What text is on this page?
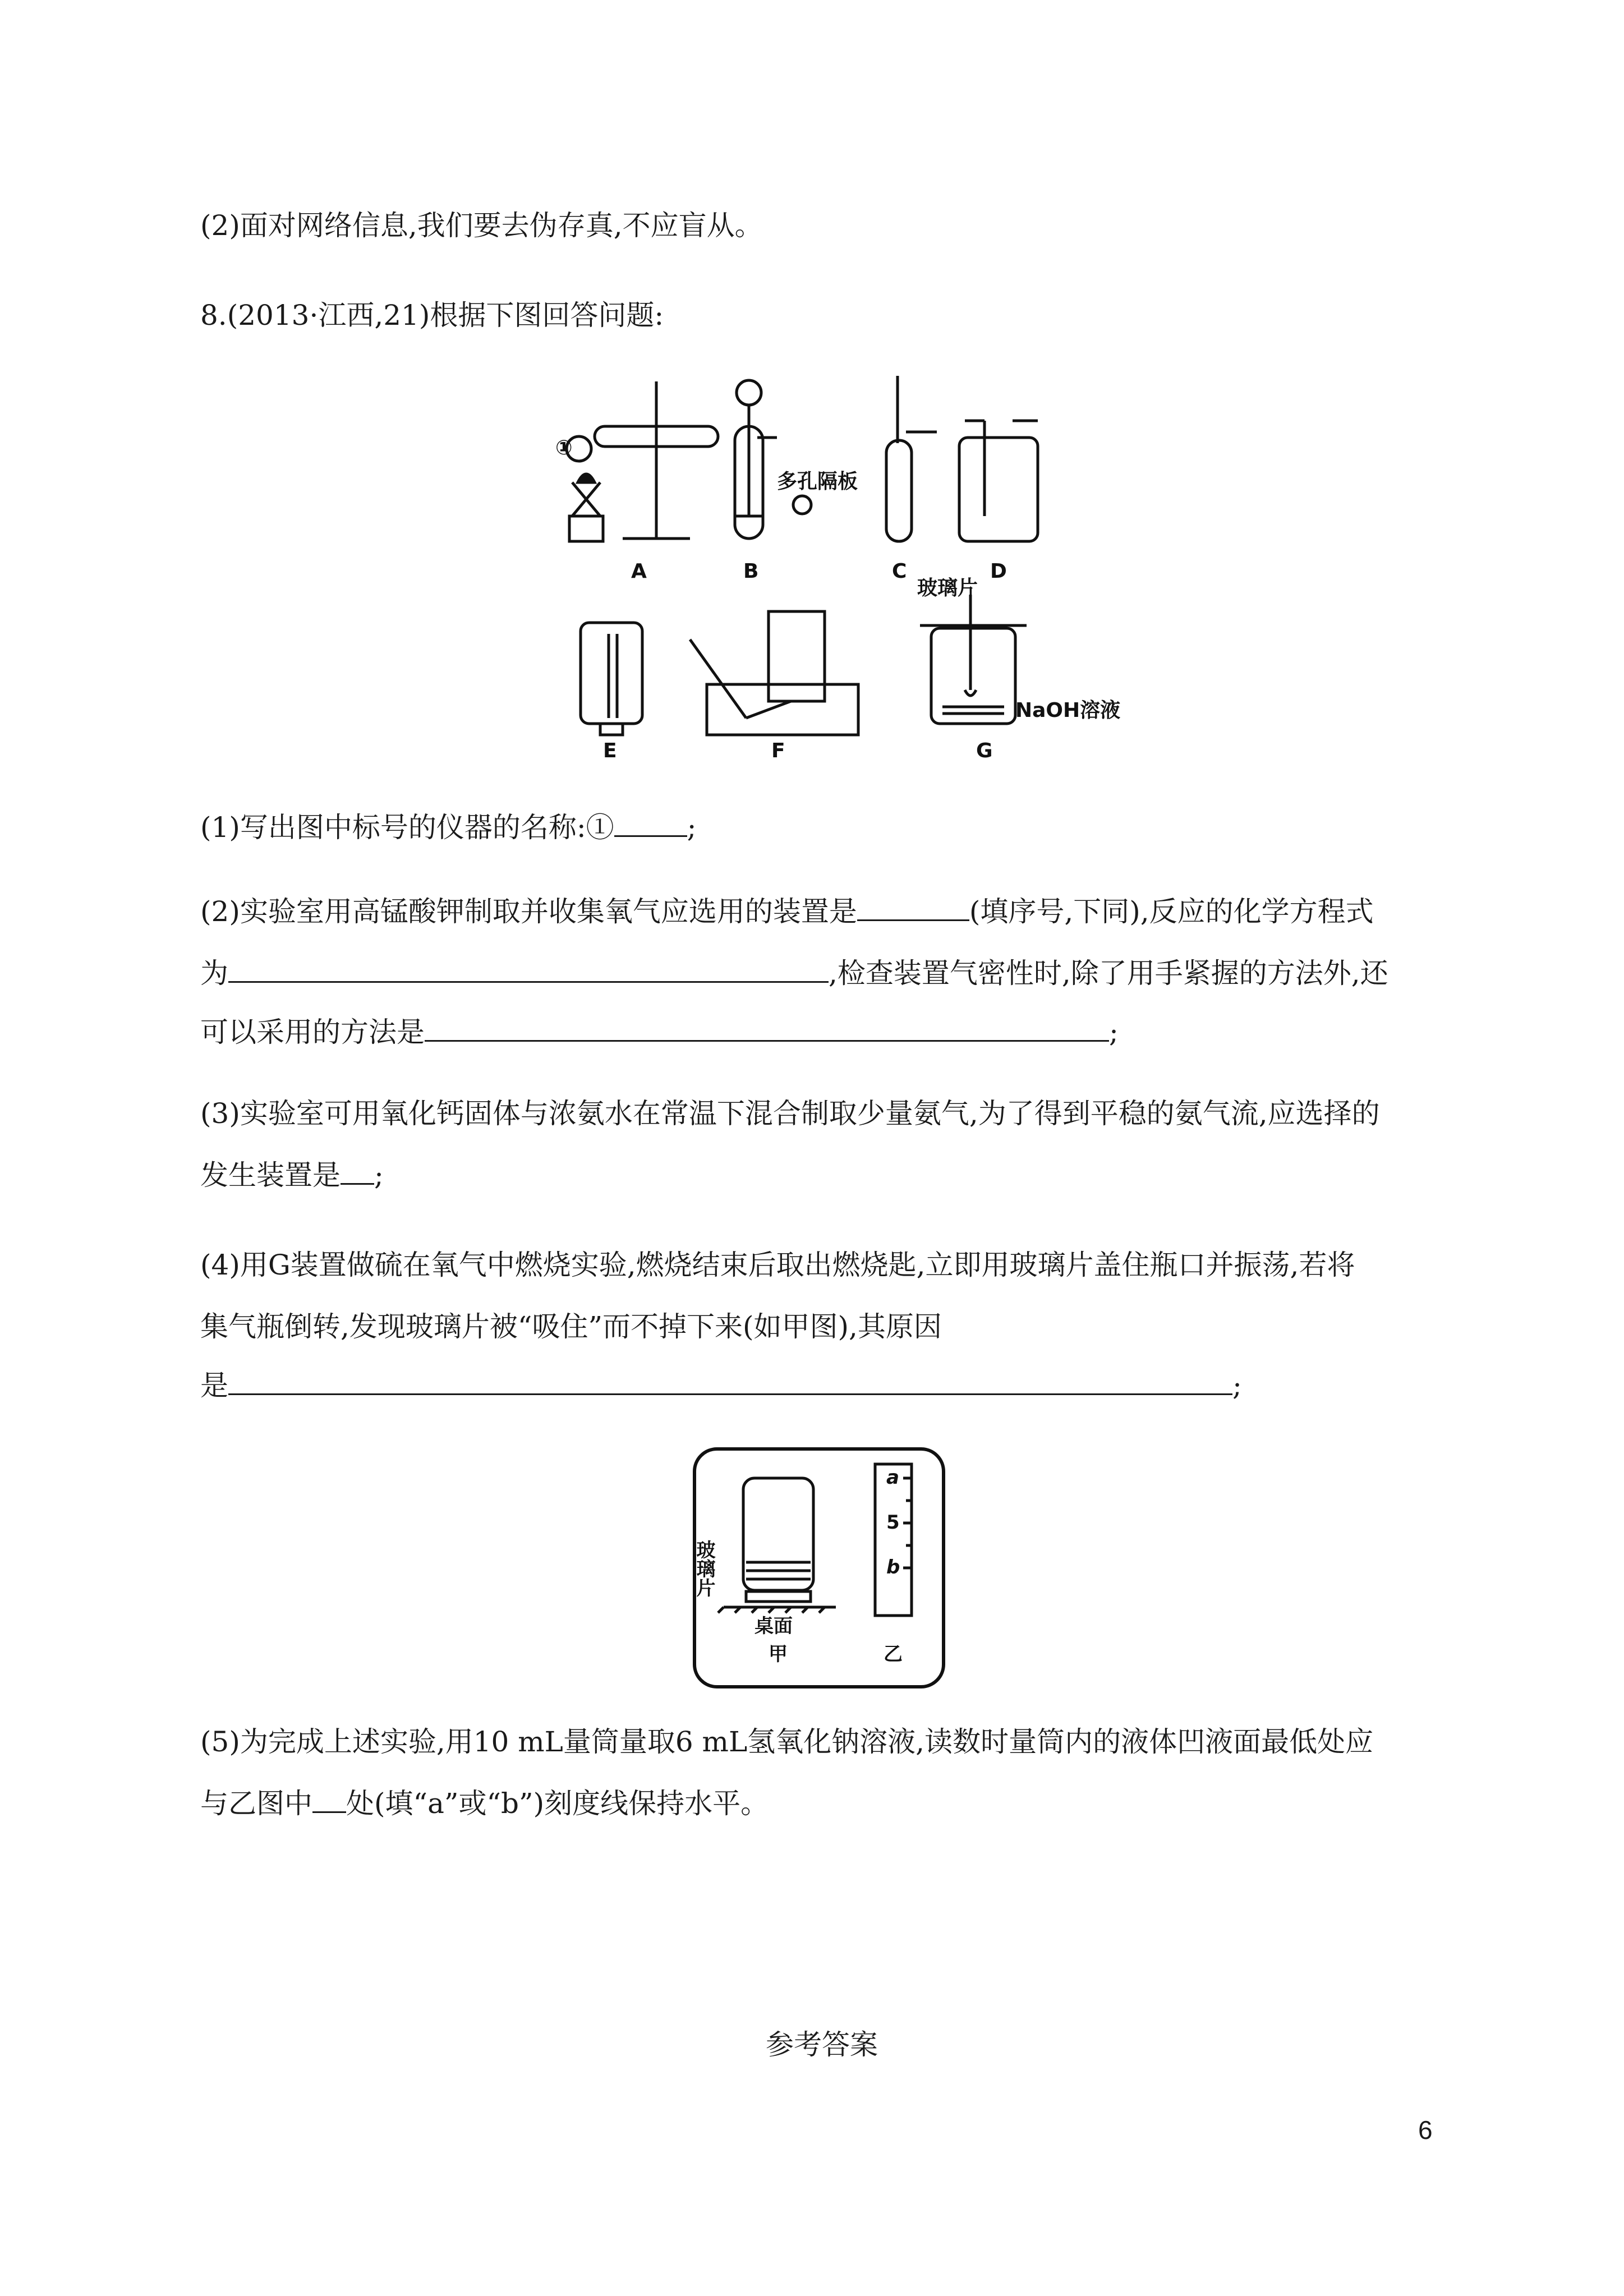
(2)面对网络信息,我们要去伪存真,不应盲从。
8.(2013·江西,21)根据下图回答问题:
A	B	C	D
E	F	G
①
多孔隔板
玻璃片
NaOH溶液
(1)写出图中标号的仪器的名称:①	;
(2)实验室用高锰酸钾制取并收集氧气应选用的装置是	(填序号,下同),反应的化学方程式
为	,检查装置气密性时,除了用手紧握的方法外,还
可以采用的方法是	;
(3)实验室可用氧化钙固体与浓氨水在常温下混合制取少量氨气,为了得到平稳的氨气流,应选择的
发生装置是 ;
(4)用G装置做硫在氧气中燃烧实验,燃烧结束后取出燃烧匙,立即用玻璃片盖住瓶口并振荡,若将
集气瓶倒转,发现玻璃片被“吸住”而不掉下来(如甲图),其原因
是	;
玻璃片
桌面
甲	乙
a
5
b
(5)为完成上述实验,用10 mL量筒量取6 mL氢氧化钠溶液,读数时量筒内的液体凹液面最低处应
与乙图中 处(填“a”或“b”)刻度线保持水平。
参考答案
6
